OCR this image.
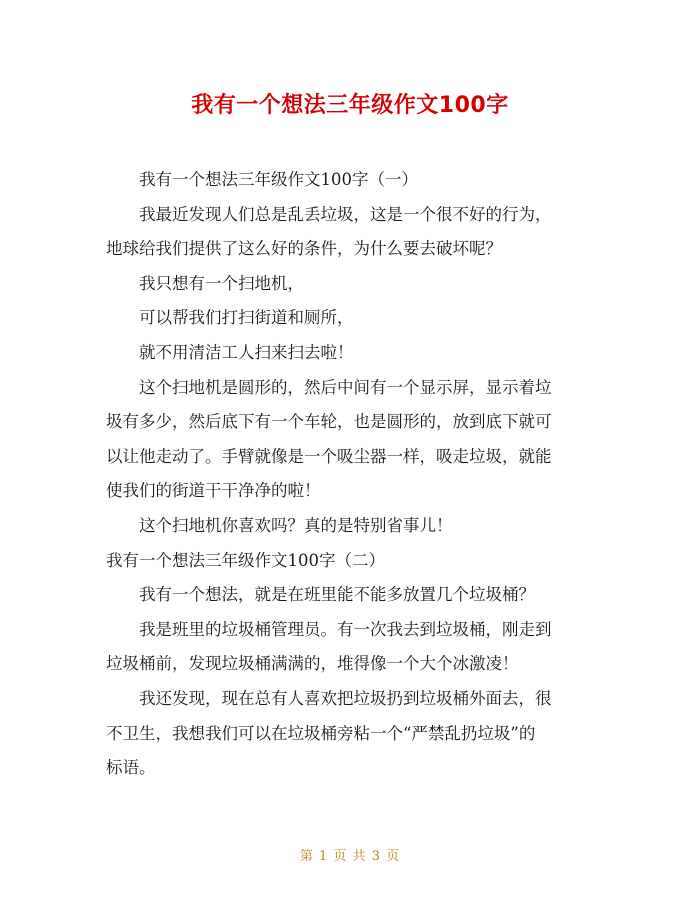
我有一个想法三年级作文100字

我有一个想法三年级作文100字（一）

我最近发现人们总是乱丢垃圾，这是一个很不好的行为，

地球给我们提供了这么好的条件，为什么要去破坏呢？

我只想有一个扫地机，

可以帮我们打扫街道和厕所，

就不用清洁工人扫来扫去啦！

这个扫地机是圆形的，然后中间有一个显示屏，显示着垃

圾有多少，然后底下有一个车轮，也是圆形的，放到底下就可
以让他走动了。手臂就像是一个吸尘器一样，吸走垃圾，就能
使我们的街道干干净净的啦！

这个扫地机你喜欢吗？真的是特别省事儿！

我有一个想法三年级作文100字（二）

我有一个想法，就是在班里能不能多放置几个垃圾桶？

我是班里的垃圾桶管理员。有一次我去到垃圾桶，刚走到

垃圾桶前，发现垃圾桶满满的，堆得像一个大个冰激凌！

我还发现，现在总有人喜欢把垃圾扔到垃圾桶外面去，很

不卫生，我想我们可以在垃圾桶旁粘一个“严禁乱扔垃圾”的
标语。

第 1 页 共 3 页
